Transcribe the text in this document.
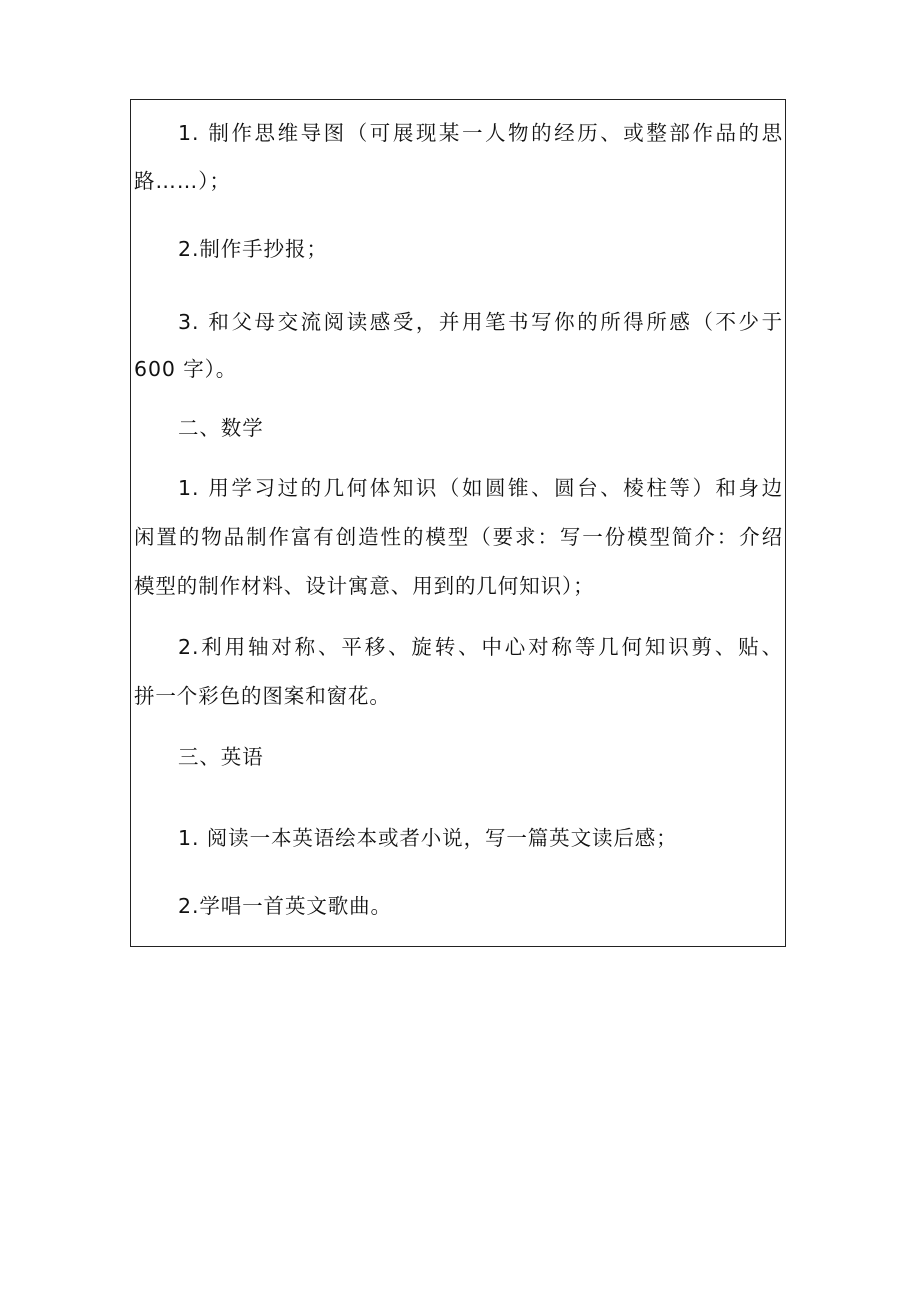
1. 制作思维导图（可展现某一人物的经历、或整部作品的思
路……）；
2.制作手抄报；
3. 和父母交流阅读感受，并用笔书写你的所得所感（不少于
600 字）。
二、数学
1. 用学习过的几何体知识（如圆锥、圆台、棱柱等）和身边
闲置的物品制作富有创造性的模型（要求：写一份模型简介：介绍
模型的制作材料、设计寓意、用到的几何知识）；
2.利用轴对称、平移、旋转、中心对称等几何知识剪、贴、
拼一个彩色的图案和窗花。
三、英语
1. 阅读一本英语绘本或者小说，写一篇英文读后感；
2.学唱一首英文歌曲。
